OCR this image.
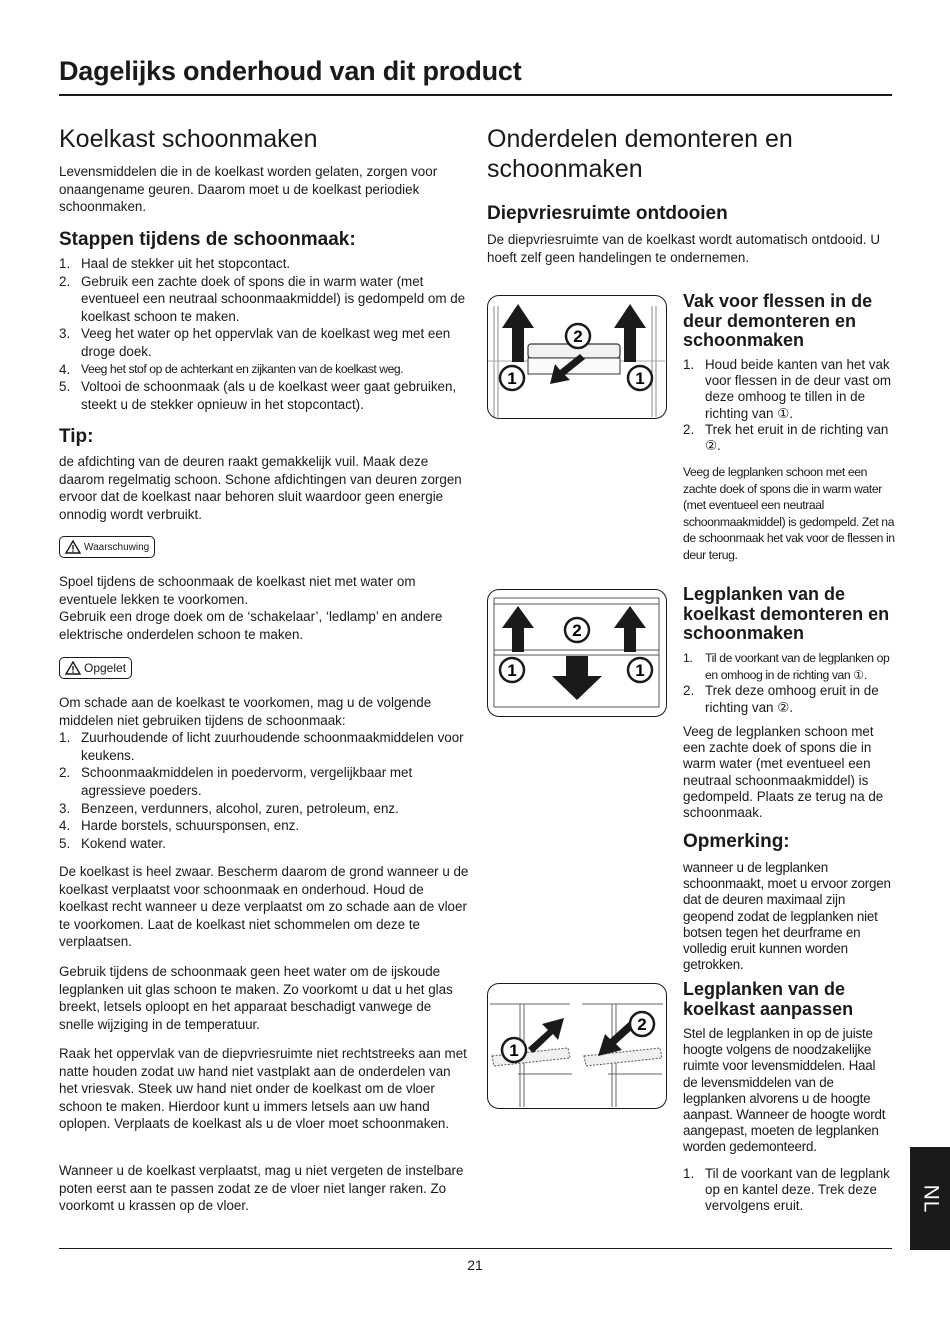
Dagelijks onderhoud van dit product
Koelkast schoonmaken
Levensmiddelen die in de koelkast worden gelaten, zorgen voor onaangename geuren. Daarom moet u de koelkast periodiek schoonmaken.
Stappen tijdens de schoonmaak:
1. Haal de stekker uit het stopcontact.
2. Gebruik een zachte doek of spons die in warm water (met eventueel een neutraal schoonmaakmiddel) is gedompeld om de koelkast schoon te maken.
3. Veeg het water op het oppervlak van de koelkast weg met een droge doek.
4. Veeg het stof op de achterkant en zijkanten van de koelkast weg.
5. Voltooi de schoonmaak (als u de koelkast weer gaat gebruiken, steekt u de stekker opnieuw in het stopcontact).
Tip:
de afdichting van de deuren raakt gemakkelijk vuil. Maak deze daarom regelmatig schoon. Schone afdichtingen van deuren zorgen ervoor dat de koelkast naar behoren sluit waardoor geen energie onnodig wordt verbruikt.
Waarschuwing
Spoel tijdens de schoonmaak de koelkast niet met water om eventuele lekken te voorkomen.
Gebruik een droge doek om de ‘schakelaar’, ‘ledlamp’ en andere elektrische onderdelen schoon te maken.
Opgelet
Om schade aan de koelkast te voorkomen, mag u de volgende middelen niet gebruiken tijdens de schoonmaak:
1. Zuurhoudende of licht zuurhoudende schoonmaakmiddelen voor keukens.
2. Schoonmaakmiddelen in poedervorm, vergelijkbaar met agressieve poeders.
3. Benzeen, verdunners, alcohol, zuren, petroleum, enz.
4. Harde borstels, schuursponsen, enz.
5. Kokend water.
De koelkast is heel zwaar. Bescherm daarom de grond wanneer u de koelkast verplaatst voor schoonmaak en onderhoud. Houd de koelkast recht wanneer u deze verplaatst om zo schade aan de vloer te voorkomen. Laat de koelkast niet schommelen om deze te verplaatsen.
Gebruik tijdens de schoonmaak geen heet water om de ijskoude legplanken uit glas schoon te maken. Zo voorkomt u dat u het glas breekt, letsels oploopt en het apparaat beschadigt vanwege de snelle wijziging in de temperatuur.
Raak het oppervlak van de diepvriesruimte niet rechtstreeks aan met natte houden zodat uw hand niet vastplakt aan de onderdelen van het vriesvak. Steek uw hand niet onder de koelkast om de vloer schoon te maken. Hierdoor kunt u immers letsels aan uw hand oplopen. Verplaats de koelkast als u de vloer moet schoonmaken.
Wanneer u de koelkast verplaatst, mag u niet vergeten de instelbare poten eerst aan te passen zodat ze de vloer niet langer raken. Zo voorkomt u krassen op de vloer.
Onderdelen demonteren en schoonmaken
Diepvriesruimte ontdooien
De diepvriesruimte van de koelkast wordt automatisch ontdooid. U hoeft zelf geen handelingen te ondernemen.
2
1	1
Vak voor flessen in de deur demonteren en schoonmaken
1. Houd beide kanten van het vak voor flessen in de deur vast om deze omhoog te tillen in de richting van ①.
2. Trek het eruit in de richting van ②.
Veeg de legplanken schoon met een zachte doek of spons die in warm water (met eventueel een neutraal schoonmaakmiddel) is gedompeld. Zet na de schoonmaak het vak voor de flessen in deur terug.
2
1	1
Legplanken van de koelkast demonteren en schoonmaken
1. Til de voorkant van de legplanken op en omhoog in de richting van ①.
2. Trek deze omhoog eruit in de richting van ②.
Veeg de legplanken schoon met een zachte doek of spons die in warm water (met eventueel een neutraal schoonmaakmiddel) is gedompeld. Plaats ze terug na de schoonmaak.
Opmerking:
wanneer u de legplanken schoonmaakt, moet u ervoor zorgen dat de deuren maximaal zijn geopend zodat de legplanken niet botsen tegen het deurframe en volledig eruit kunnen worden getrokken.
1
2
Legplanken van de koelkast aanpassen
Stel de legplanken in op de juiste hoogte volgens de noodzakelijke ruimte voor levensmiddelen. Haal de levensmiddelen van de legplanken alvorens u de hoogte aanpast. Wanneer de hoogte wordt aangepast, moeten de legplanken worden gedemonteerd.
1. Til de voorkant van de legplank op en kantel deze. Trek deze vervolgens eruit.	NL
21
